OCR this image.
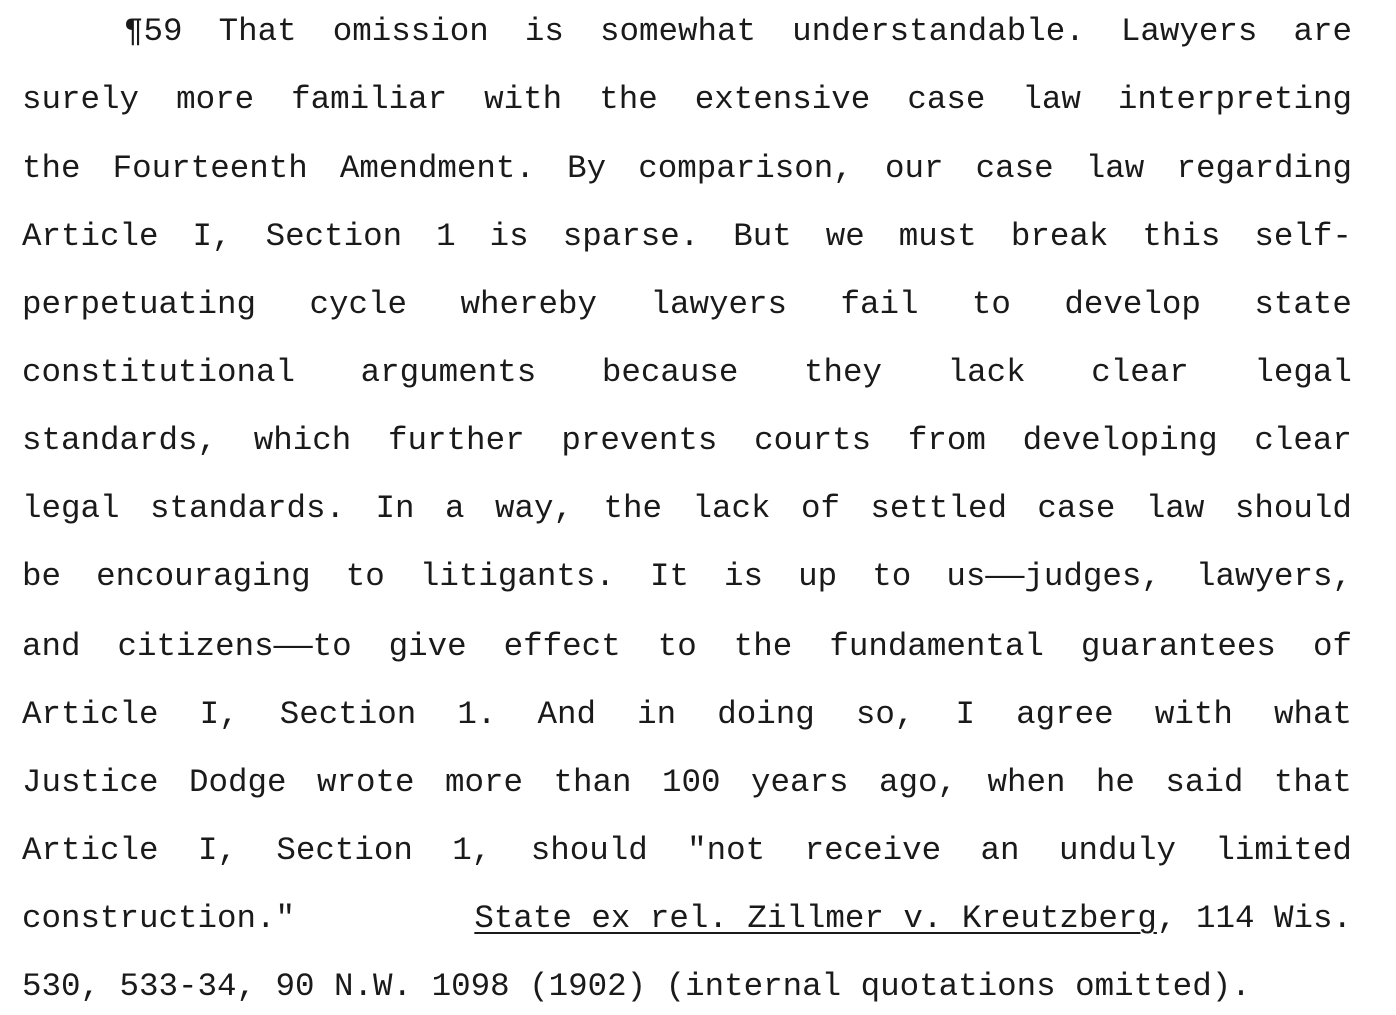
¶59 That omission is somewhat understandable. Lawyers are
surely more familiar with the extensive case law interpreting
the Fourteenth Amendment. By comparison, our case law regarding
Article I, Section 1 is sparse. But we must break this self-
perpetuating cycle whereby lawyers fail to develop state
constitutional arguments because they lack clear legal
standards, which further prevents courts from developing clear
legal standards. In a way, the lack of settled case law should
be encouraging to litigants. It is up to us——judges, lawyers,
and citizens——to give effect to the fundamental guarantees of
Article I, Section 1. And in doing so, I agree with what
Justice Dodge wrote more than 100 years ago, when he said that
Article I, Section 1, should "not receive an unduly limited
construction."	State ex rel. Zillmer v. Kreutzberg, 114 Wis.
530, 533-34, 90 N.W. 1098 (1902) (internal quotations omitted).
